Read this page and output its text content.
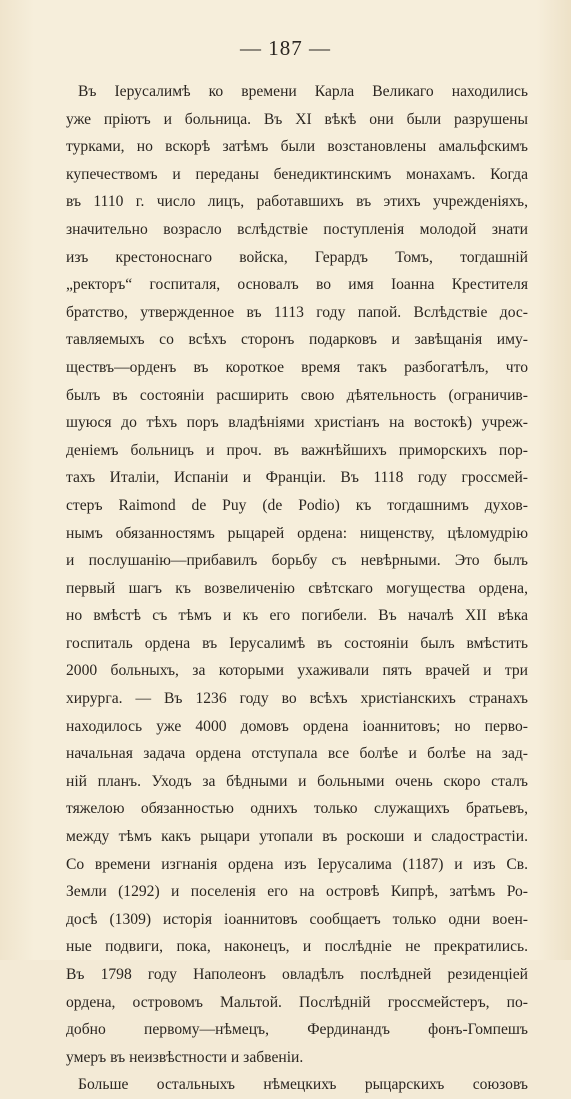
— 187 —
Въ Іерусалимѣ ко времени Карла Великаго находились
уже пріютъ и больница. Въ XI вѣкѣ они были разрушены
турками, но вскорѣ затѣмъ были возстановлены амальфскимъ
купечествомъ и переданы бенедиктинскимъ монахамъ. Когда
въ 1110 г. число лицъ, работавшихъ въ этихъ учрежденіяхъ,
значительно возрасло вслѣдствіе поступленія молодой знати
изъ крестоноснаго войска, Герардъ Томъ, тогдашній
„ректоръ“ госпиталя, основалъ во имя Іоанна Крестителя
братство, утвержденное въ 1113 году папой. Вслѣдствіе дос-
тавляемыхъ со всѣхъ сторонъ подарковъ и завѣщанія иму-
ществъ—орденъ въ короткое время такъ разбогатѣлъ, что
былъ въ состояніи расширить свою дѣятельность (ограничив-
шуюся до тѣхъ поръ владѣніями христіанъ на востокѣ) учреж-
деніемъ больницъ и проч. въ важнѣйшихъ приморскихъ пор-
тахъ Италіи, Испаніи и Франціи. Въ 1118 году гроссмей-
стеръ Raimond de Puy (de Podio) къ тогдашнимъ духов-
нымъ обязанностямъ рыцарей ордена: нищенству, цѣломудрію
и послушанію—прибавилъ борьбу съ невѣрными. Это былъ
первый шагъ къ возвеличенію свѣтскаго могущества ордена,
но вмѣстѣ съ тѣмъ и къ его погибели. Въ началѣ XII вѣка
госпиталь ордена въ Іерусалимѣ въ состояніи былъ вмѣстить
2000 больныхъ, за которыми ухаживали пять врачей и три
хирурга. — Въ 1236 году во всѣхъ христіанскихъ странахъ
находилось уже 4000 домовъ ордена іоаннитовъ; но перво-
начальная задача ордена отступала все болѣе и болѣе на зад-
ній планъ. Уходъ за бѣдными и больными очень скоро сталъ
тяжелою обязанностью однихъ только служащихъ братьевъ,
между тѣмъ какъ рыцари утопали въ роскоши и сладострастіи.
Со времени изгнанія ордена изъ Іерусалима (1187) и изъ Св.
Земли (1292) и поселенія его на островѣ Кипрѣ, затѣмъ Ро-
досѣ (1309) исторія іоаннитовъ сообщаетъ только одни воен-
ные подвиги, пока, наконецъ, и послѣдніе не прекратились.
Въ 1798 году Наполеонъ овладѣлъ послѣдней резиденціей
ордена, островомъ Мальтой. Послѣдній гроссмейстеръ, по-
добно первому—нѣмецъ, Фердинандъ фонъ-Гомпешъ
умеръ въ неизвѣстности и забвеніи.
Больше остальныхъ нѣмецкихъ рыцарскихъ союзовъ
